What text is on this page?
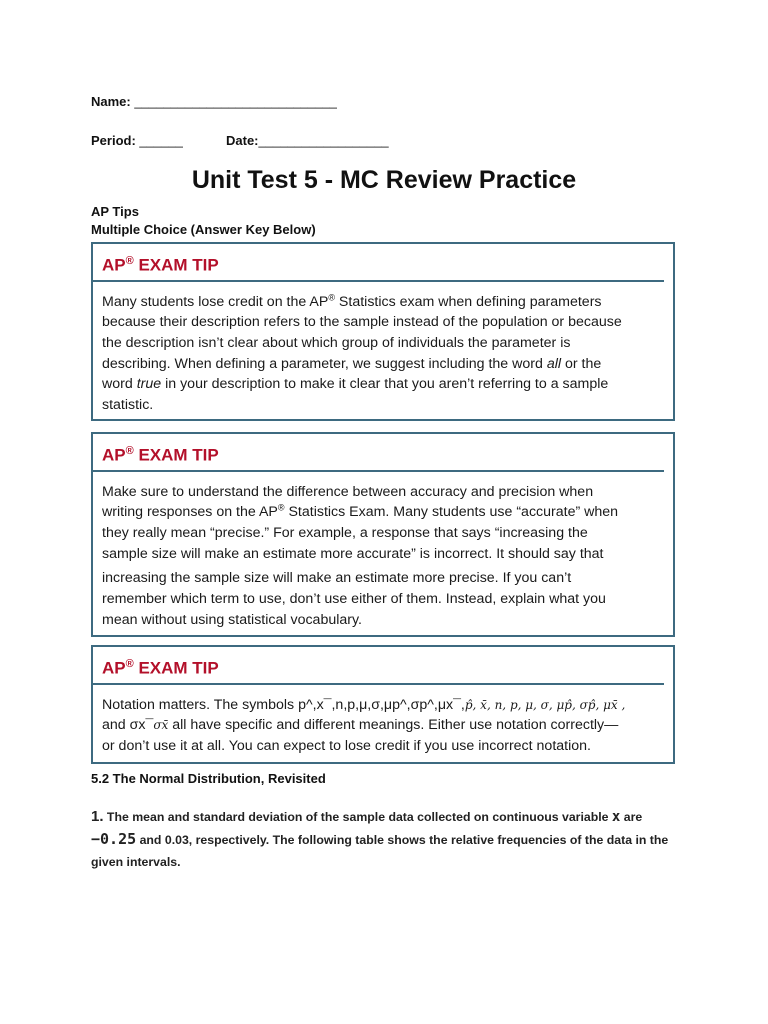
Name: ____________________________
Period: ______	Date:__________________
Unit Test 5 - MC Review Practice
AP Tips
Multiple Choice (Answer Key Below)
AP® EXAM TIP
Many students lose credit on the AP® Statistics exam when defining parameters
because their description refers to the sample instead of the population or because
the description isn’t clear about which group of individuals the parameter is
describing. When defining a parameter, we suggest including the word all or the
word true in your description to make it clear that you aren’t referring to a sample
statistic.
AP® EXAM TIP
Make sure to understand the difference between accuracy and precision when
writing responses on the AP® Statistics Exam. Many students use “accurate” when
they really mean “precise.” For example, a response that says “increasing the
sample size will make an estimate more accurate” is incorrect. It should say that
increasing the sample size will make an estimate more precise. If you can’t
remember which term to use, don’t use either of them. Instead, explain what you
mean without using statistical vocabulary.
AP® EXAM TIP
Notation matters. The symbols p^,x¯,n,p,μ,σ,μp^,σp^,μx¯,p̂, x̄, n, p, μ, σ, μp̂, σp̂, μx̄ ,
and σx¯σx̄ all have specific and different meanings. Either use notation correctly—
or don’t use it at all. You can expect to lose credit if you use incorrect notation.
5.2 The Normal Distribution, Revisited
1. The mean and standard deviation of the sample data collected on continuous variable x are
−0.25 and 0.03, respectively. The following table shows the relative frequencies of the data in the
given intervals.
